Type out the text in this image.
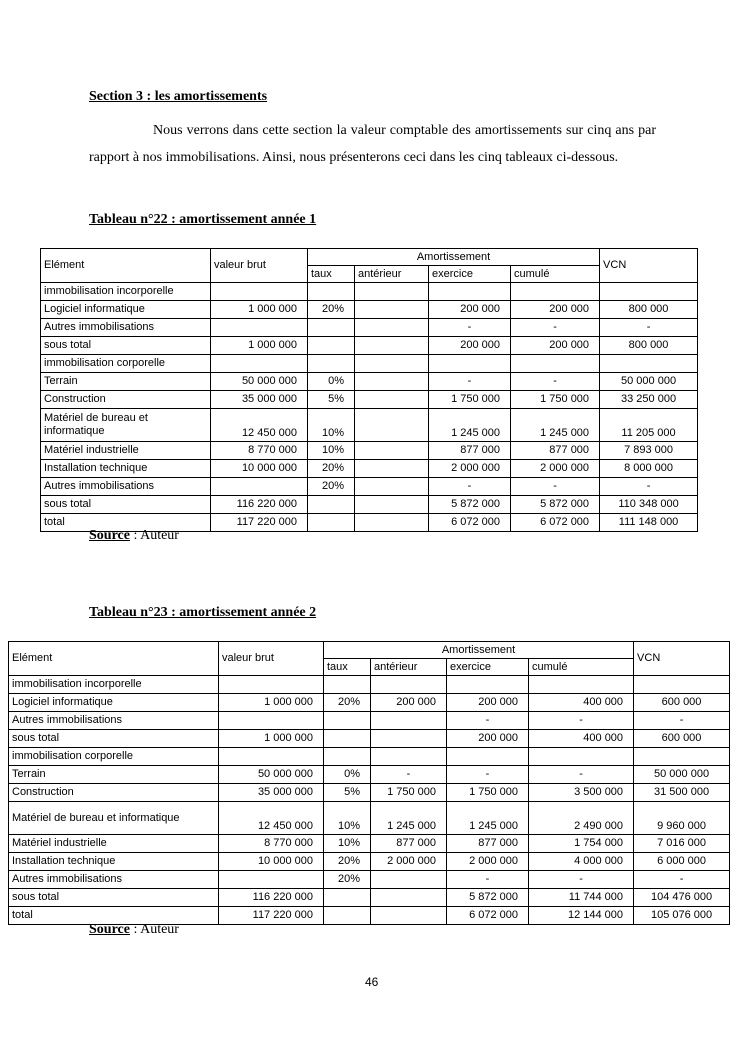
Section 3 : les amortissements
Nous verrons dans cette section la valeur comptable des amortissements sur cinq ans par rapport à nos immobilisations. Ainsi, nous présenterons ceci dans les cinq tableaux ci-dessous.
Tableau n°22 : amortissement année 1
Elément	valeur brut	Amortissement				VCN
		taux	antérieur	exercice	cumulé	
immobilisation incorporelle						
Logiciel informatique	1 000 000	20%		200 000	200 000	800 000
Autres immobilisations				-	-	-
sous total	1 000 000			200 000	200 000	800 000
immobilisation corporelle						
Terrain	50 000 000	0%		-	-	50 000 000
Construction	35 000 000	5%		1 750 000	1 750 000	33 250 000
Matériel de bureau et informatique	12 450 000	10%		1 245 000	1 245 000	11 205 000
Matériel industrielle	8 770 000	10%		877 000	877 000	7 893 000
Installation technique	10 000 000	20%		2 000 000	2 000 000	8 000 000
Autres immobilisations		20%		-	-	-
sous total	116 220 000			5 872 000	5 872 000	110 348 000
total	117 220 000			6 072 000	6 072 000	111 148 000
Source : Auteur
Tableau n°23 : amortissement année 2
Elément	valeur brut	Amortissement				VCN
		taux	antérieur	exercice	cumulé	
immobilisation incorporelle						
Logiciel informatique	1 000 000	20%	200 000	200 000	400 000	600 000
Autres immobilisations				-	-	-
sous total	1 000 000			200 000	400 000	600 000
immobilisation corporelle						
Terrain	50 000 000	0%	-	-	-	50 000 000
Construction	35 000 000	5%	1 750 000	1 750 000	3 500 000	31 500 000
Matériel de bureau et informatique	12 450 000	10%	1 245 000	1 245 000	2 490 000	9 960 000
Matériel industrielle	8 770 000	10%	877 000	877 000	1 754 000	7 016 000
Installation technique	10 000 000	20%	2 000 000	2 000 000	4 000 000	6 000 000
Autres immobilisations		20%		-	-	-
sous total	116 220 000			5 872 000	11 744 000	104 476 000
total	117 220 000			6 072 000	12 144 000	105 076 000
Source : Auteur
46
